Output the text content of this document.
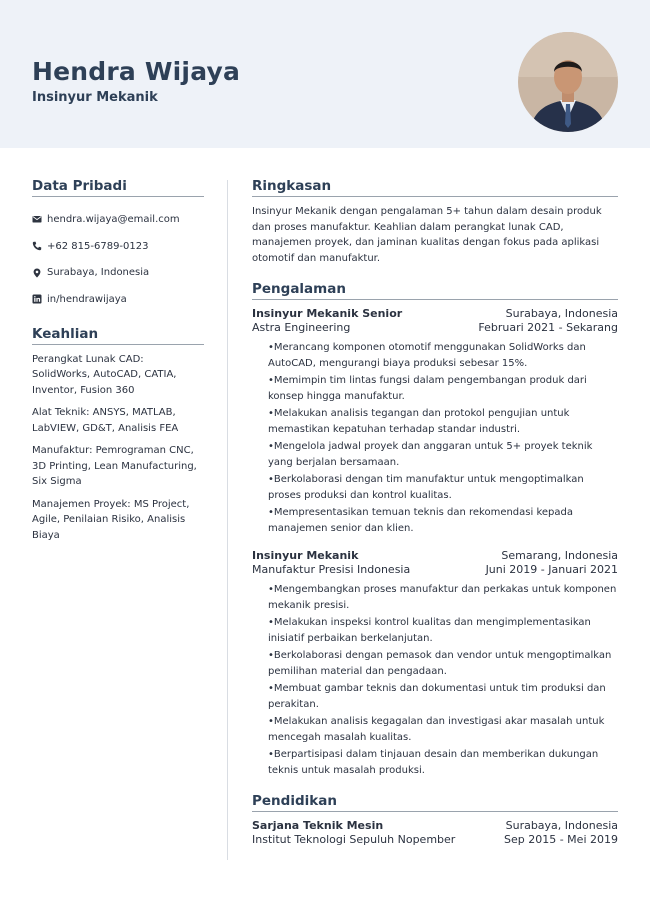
Hendra Wijaya
Insinyur Mekanik
Data Pribadi
hendra.wijaya@email.com
+62 815-6789-0123
Surabaya, Indonesia
in/hendrawijaya
Keahlian
Perangkat Lunak CAD: SolidWorks, AutoCAD, CATIA, Inventor, Fusion 360
Alat Teknik: ANSYS, MATLAB, LabVIEW, GD&T, Analisis FEA
Manufaktur: Pemrograman CNC, 3D Printing, Lean Manufacturing, Six Sigma
Manajemen Proyek: MS Project, Agile, Penilaian Risiko, Analisis Biaya
Ringkasan
Insinyur Mekanik dengan pengalaman 5+ tahun dalam desain produk dan proses manufaktur. Keahlian dalam perangkat lunak CAD, manajemen proyek, dan jaminan kualitas dengan fokus pada aplikasi otomotif dan manufaktur.
Pengalaman
Insinyur Mekanik Senior	Surabaya, Indonesia
Astra Engineering	Februari 2021 - Sekarang
• Merancang komponen otomotif menggunakan SolidWorks dan AutoCAD, mengurangi biaya produksi sebesar 15%.
• Memimpin tim lintas fungsi dalam pengembangan produk dari konsep hingga manufaktur.
• Melakukan analisis tegangan dan protokol pengujian untuk memastikan kepatuhan terhadap standar industri.
• Mengelola jadwal proyek dan anggaran untuk 5+ proyek teknik yang berjalan bersamaan.
• Berkolaborasi dengan tim manufaktur untuk mengoptimalkan proses produksi dan kontrol kualitas.
• Mempresentasikan temuan teknis dan rekomendasi kepada manajemen senior dan klien.
Insinyur Mekanik	Semarang, Indonesia
Manufaktur Presisi Indonesia	Juni 2019 - Januari 2021
• Mengembangkan proses manufaktur dan perkakas untuk komponen mekanik presisi.
• Melakukan inspeksi kontrol kualitas dan mengimplementasikan inisiatif perbaikan berkelanjutan.
• Berkolaborasi dengan pemasok dan vendor untuk mengoptimalkan pemilihan material dan pengadaan.
• Membuat gambar teknis dan dokumentasi untuk tim produksi dan perakitan.
• Melakukan analisis kegagalan dan investigasi akar masalah untuk mencegah masalah kualitas.
• Berpartisipasi dalam tinjauan desain dan memberikan dukungan teknis untuk masalah produksi.
Pendidikan
Sarjana Teknik Mesin	Surabaya, Indonesia
Institut Teknologi Sepuluh Nopember	Sep 2015 - Mei 2019
